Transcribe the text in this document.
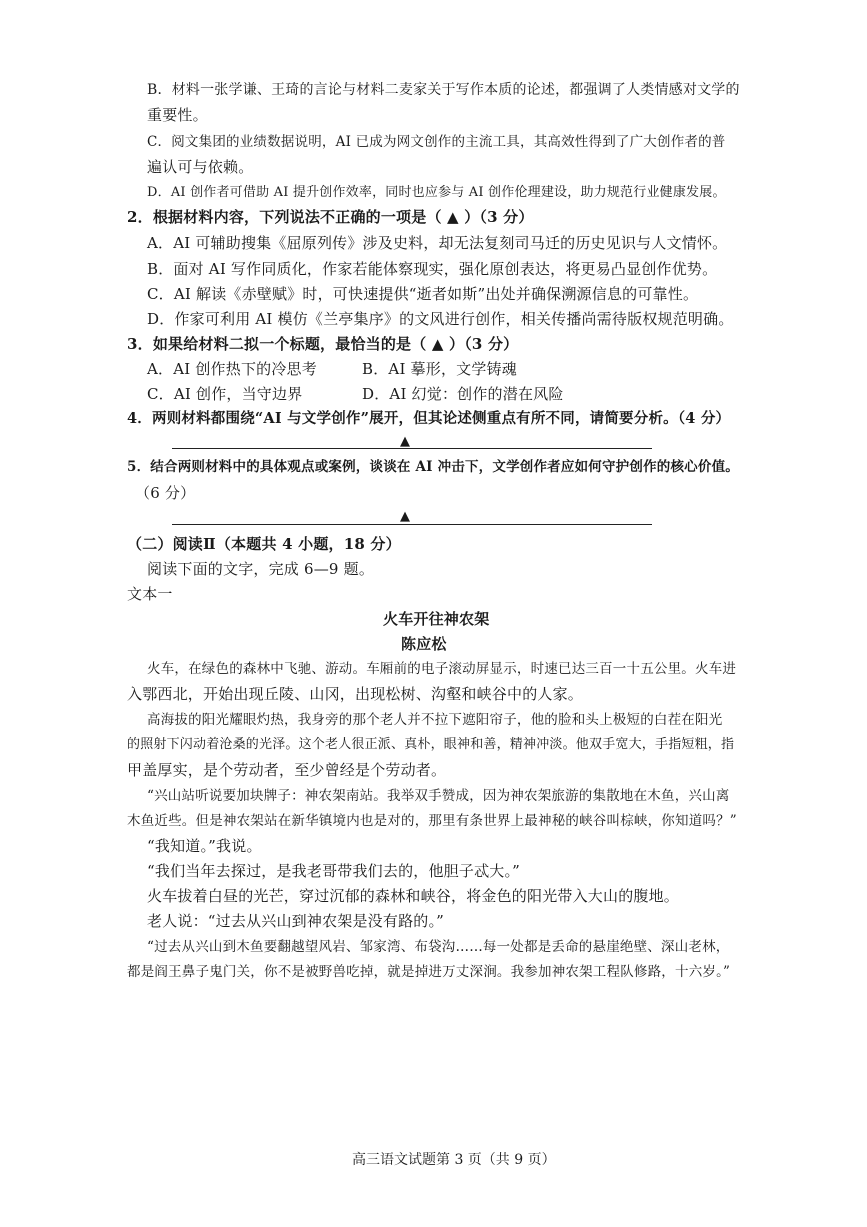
B．材料一张学谦、王琦的言论与材料二麦家关于写作本质的论述，都强调了人类情感对文学的
重要性。
C．阅文集团的业绩数据说明，AI 已成为网文创作的主流工具，其高效性得到了广大创作者的普
遍认可与依赖。
D．AI 创作者可借助 AI 提升创作效率，同时也应参与 AI 创作伦理建设，助力规范行业健康发展。
2．根据材料内容，下列说法不正确的一项是（ ▲ ）（3 分）
A．AI 可辅助搜集《屈原列传》涉及史料，却无法复刻司马迁的历史见识与人文情怀。
B．面对 AI 写作同质化，作家若能体察现实，强化原创表达，将更易凸显创作优势。
C．AI 解读《赤壁赋》时，可快速提供“逝者如斯”出处并确保溯源信息的可靠性。
D．作家可利用 AI 模仿《兰亭集序》的文风进行创作，相关传播尚需待版权规范明确。
3．如果给材料二拟一个标题，最恰当的是（ ▲ ）（3 分）
A．AI 创作热下的冷思考	B．AI 摹形，文学铸魂
C．AI 创作，当守边界	D．AI 幻觉：创作的潜在风险
4．两则材料都围绕“AI 与文学创作”展开，但其论述侧重点有所不同，请简要分析。（4 分）
▲
5．结合两则材料中的具体观点或案例，谈谈在 AI 冲击下，文学创作者应如何守护创作的核心价值。
（6 分）
▲
（二）阅读Ⅱ（本题共 4 小题，18 分）
阅读下面的文字，完成 6—9 题。
文本一
火车开往神农架
陈应松
火车，在绿色的森林中飞驰、游动。车厢前的电子滚动屏显示，时速已达三百一十五公里。火车进
入鄂西北，开始出现丘陵、山冈，出现松树、沟壑和峡谷中的人家。
高海拔的阳光耀眼灼热，我身旁的那个老人并不拉下遮阳帘子，他的脸和头上极短的白茬在阳光
的照射下闪动着沧桑的光泽。这个老人很正派、真朴，眼神和善，精神冲淡。他双手宽大，手指短粗，指
甲盖厚实，是个劳动者，至少曾经是个劳动者。
“兴山站听说要加块牌子：神农架南站。我举双手赞成，因为神农架旅游的集散地在木鱼，兴山离
木鱼近些。但是神农架站在新华镇境内也是对的，那里有条世界上最神秘的峡谷叫棕峡，你知道吗？”
“我知道。”我说。
“我们当年去探过，是我老哥带我们去的，他胆子忒大。”
火车拔着白昼的光芒，穿过沉郁的森林和峡谷，将金色的阳光带入大山的腹地。
老人说：“过去从兴山到神农架是没有路的。”
“过去从兴山到木鱼要翻越望风岩、邹家湾、布袋沟……每一处都是丢命的悬崖绝壁、深山老林，
都是阎王鼻子鬼门关，你不是被野兽吃掉，就是掉进万丈深涧。我参加神农架工程队修路，十六岁。”
高三语文试题第 3 页（共 9 页）
